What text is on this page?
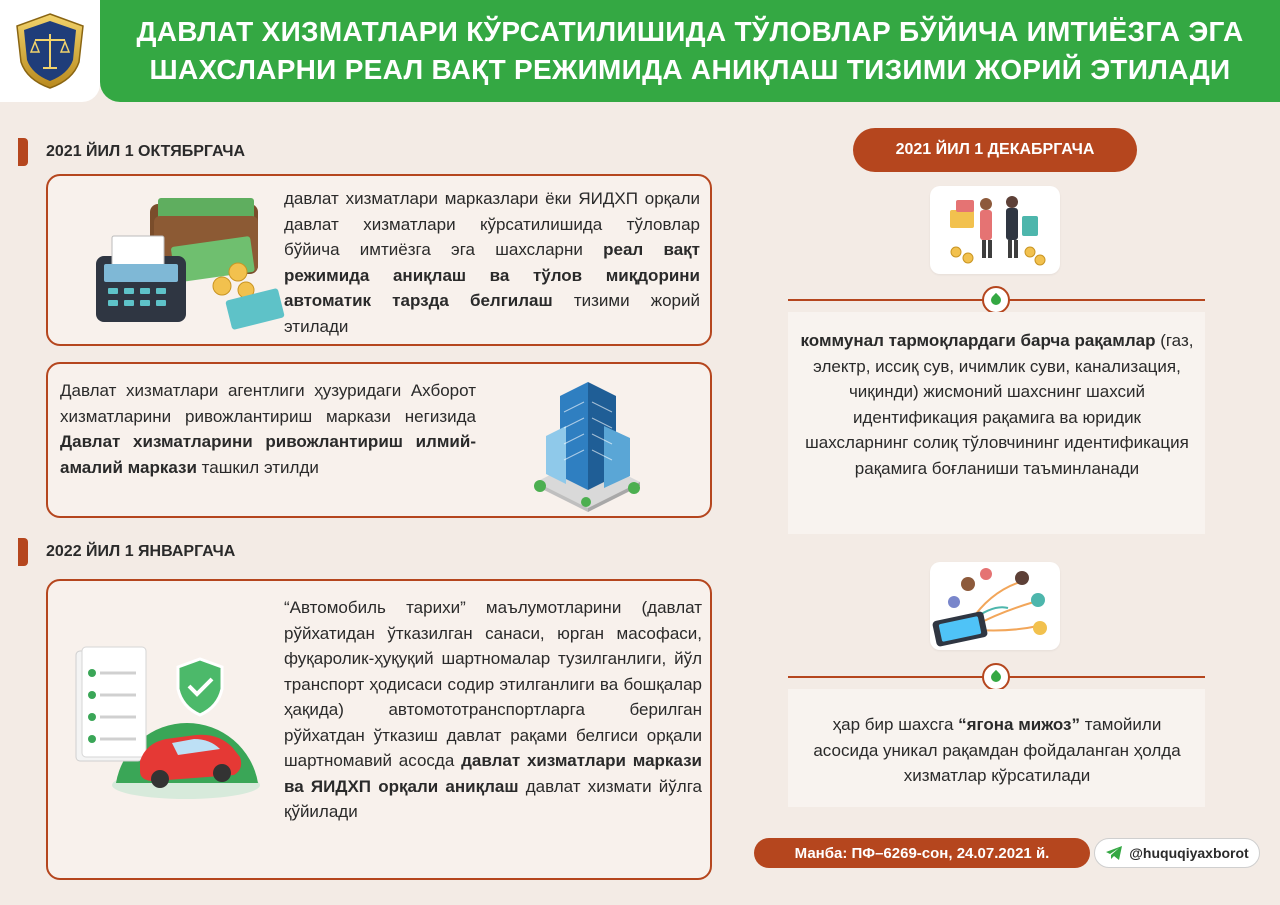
ДАВЛАТ ХИЗМАТЛАРИ КЎРСАТИЛИШИДА ТЎЛОВЛАР БЎЙИЧА ИМТИЁЗГА ЭГА
ШАХСЛАРНИ РЕАЛ ВАҚТ РЕЖИМИДА АНИҚЛАШ ТИЗИМИ ЖОРИЙ ЭТИЛАДИ
2021 ЙИЛ 1 ОКТЯБРГАЧА
давлат хизматлари марказлари ёки ЯИДХП орқали давлат хизматлари кўрсатилишида тўловлар бўйича имтиёзга эга шахсларни реал вақт режимида аниқлаш ва тўлов миқдорини автоматик тарзда белгилаш тизими жорий этилади
Давлат хизматлари агентлиги ҳузуридаги Ахборот хизматларини ривожлантириш маркази негизида Давлат хизматларини ривожлантириш илмий-амалий маркази ташкил этилди
2022 ЙИЛ 1 ЯНВАРГАЧА
“Автомобиль тарихи” маълумотларини (давлат рўйхатидан ўтказилган санаси, юрган масофаси, фуқаролик-ҳуқуқий шартномалар тузилганлиги, йўл транспорт ҳодисаси содир этилганлиги ва бошқалар ҳақида) автомототранспортларга берилган рўйхатдан ўтказиш давлат рақами белгиси орқали шартномавий асосда давлат хизматлари маркази ва ЯИДХП орқали аниқлаш давлат хизмати йўлга қўйилади
2021 ЙИЛ 1 ДЕКАБРГАЧА
коммунал тармоқлардаги барча рақамлар (газ, электр, иссиқ сув, ичимлик суви, канализация, чиқинди) жисмоний шахснинг шахсий идентификация рақамига ва юридик шахсларнинг солиқ тўловчининг идентификация рақамига боғланиши таъминланади
ҳар бир шахсга “ягона мижоз” тамойили асосида уникал рақамдан фойдаланган ҳолда хизматлар кўрсатилади
Манба: ПФ–6269-сон, 24.07.2021 й.	@huquqiyaxborot
